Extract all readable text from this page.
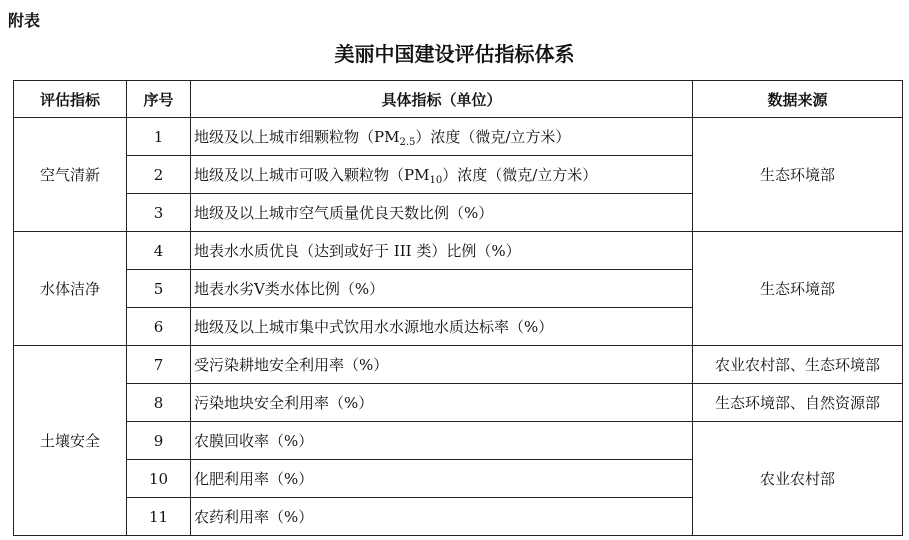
附表
美丽中国建设评估指标体系
评估指标	序号	具体指标（单位）	数据来源
空气清新	1	地级及以上城市细颗粒物$(PM_{2.5})$浓度（微克/立方米）	生态环境部
	2	地级及以上城市可吸入颗粒物$(PM_{10})$浓度（微克/立方米）	
	3	地级及以上城市空气质量优良天数比例（%）	
水体洁净	4	地表水水质优良（达到或好于 III 类）比例（%）	生态环境部
	5	地表水劣Ⅴ类水体比例（%）	
	6	地级及以上城市集中式饮用水水源地水质达标率（%）	
土壤安全	7	受污染耕地安全利用率（%）	农业农村部、生态环境部
	8	污染地块安全利用率（%）	生态环境部、自然资源部
	9	农膜回收率（%）	农业农村部
	10	化肥利用率（%）	
	11	农药利用率（%）	
